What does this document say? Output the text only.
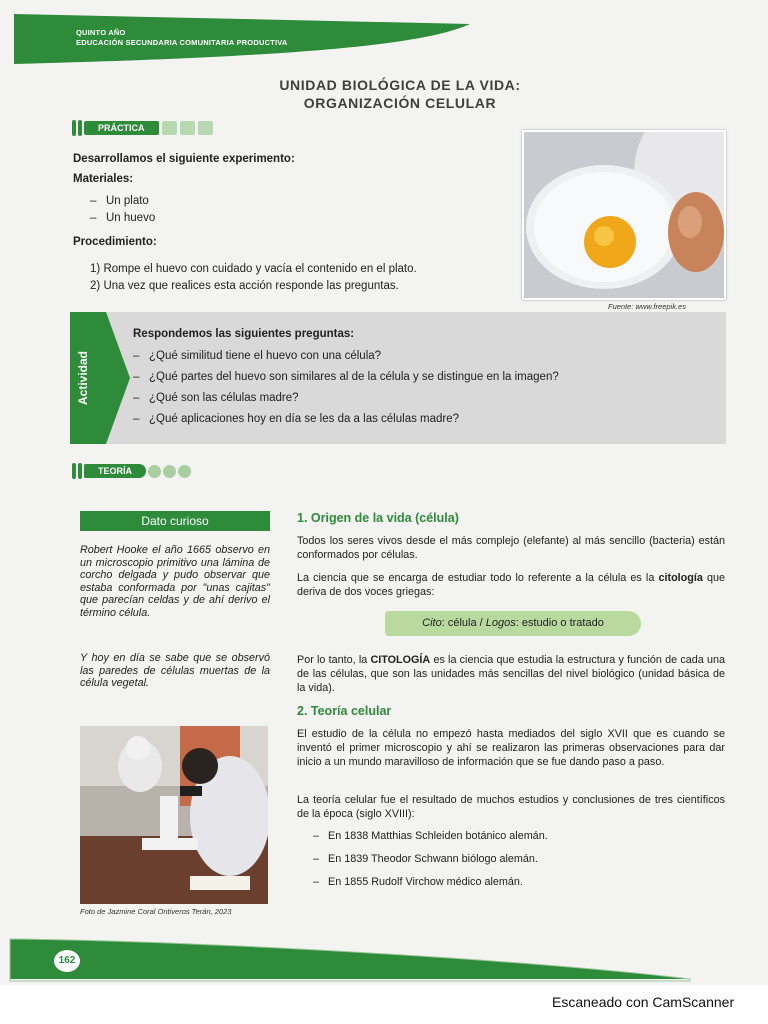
QUINTO AÑO
EDUCACIÓN SECUNDARIA COMUNITARIA PRODUCTIVA
UNIDAD BIOLÓGICA DE LA VIDA:
ORGANIZACIÓN CELULAR
PRÁCTICA
Desarrollamos el siguiente experimento:
Materiales:
–   Un plato
–   Un huevo
Procedimiento:
1) Rompe el huevo con cuidado y vacía el contenido en el plato.
2) Una vez que realices esta acción responde las preguntas.
Fuente: www.freepik.es
Actividad
Respondemos las siguientes preguntas:
–   ¿Qué similitud tiene el huevo con una célula?
–   ¿Qué partes del huevo son similares al de la célula y se distingue en la imagen?
–   ¿Qué son las células madre?
–   ¿Qué aplicaciones hoy en día se les da a las células madre?
TEORÍA
Dato curioso
Robert Hooke el año 1665 observo en un microscopio primitivo una lámina de corcho delgada y pudo observar que estaba conformada por "unas cajitas" que parecían celdas y de ahí derivo el término célula.
Y hoy en día se sabe que se observó las paredes de células muertas de la célula vegetal.
Foto de Jazmine Coral Ontiveros Terán, 2023
1. Origen de la vida (célula)
Todos los seres vivos desde el más complejo (elefante) al más sencillo (bacteria) están conformados por células.
La ciencia que se encarga de estudiar todo lo referente a la célula es la citología que deriva de dos voces griegas:
Cito: célula / Logos: estudio o tratado
Por lo tanto, la CITOLOGÍA es la ciencia que estudia la estructura y función de cada una de las células, que son las unidades más sencillas del nivel biológico (unidad básica de la vida).
2. Teoría celular
El estudio de la célula no empezó hasta mediados del siglo XVII que es cuando se inventó el primer microscopio y ahí se realizaron las primeras observaciones para dar inicio a un mundo maravilloso de información que se fue dando paso a paso.
La teoría celular fue el resultado de muchos estudios y conclusiones de tres científicos de la época (siglo XVIII):
–   En 1838 Matthias Schleiden botánico alemán.
–   En 1839 Theodor Schwann biólogo alemán.
–   En 1855 Rudolf Virchow médico alemán.
162
Escaneado con CamScanner
